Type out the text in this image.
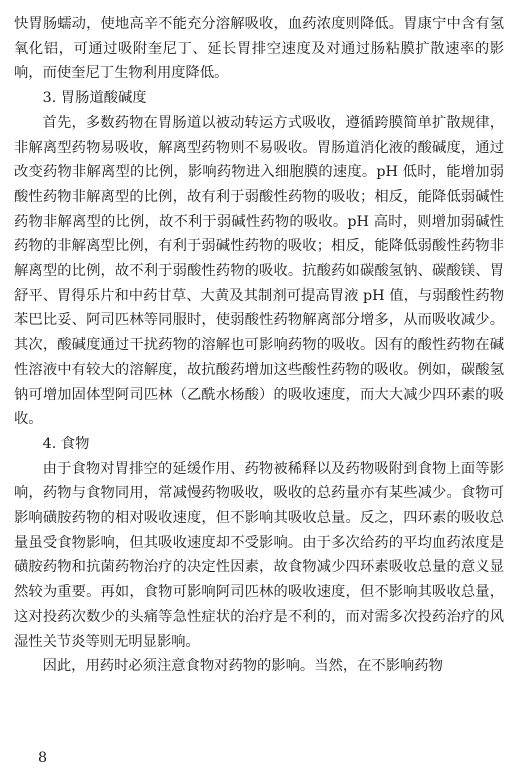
快胃肠蠕动，使地高辛不能充分溶解吸收，血药浓度则降低。胃康宁中含有氢氧化铝，可通过吸附奎尼丁、延长胃排空速度及对通过肠粘膜扩散速率的影响，而使奎尼丁生物利用度降低。

3. 胃肠道酸碱度

首先，多数药物在胃肠道以被动转运方式吸收，遵循跨膜简单扩散规律，非解离型药物易吸收，解离型药物则不易吸收。胃肠道消化液的酸碱度，通过改变药物非解离型的比例，影响药物进入细胞膜的速度。pH 低时，能增加弱酸性药物非解离型的比例，故有利于弱酸性药物的吸收；相反，能降低弱碱性药物非解离型的比例，故不利于弱碱性药物的吸收。pH 高时，则增加弱碱性药物的非解离型比例，有利于弱碱性药物的吸收；相反，能降低弱酸性药物非解离型的比例，故不利于弱酸性药物的吸收。抗酸药如碳酸氢钠、碳酸镁、胃舒平、胃得乐片和中药甘草、大黄及其制剂可提高胃液 pH 值，与弱酸性药物苯巴比妥、阿司匹林等同服时，使弱酸性药物解离部分增多，从而吸收减少。其次，酸碱度通过干扰药物的溶解也可影响药物的吸收。因有的酸性药物在碱性溶液中有较大的溶解度，故抗酸药增加这些酸性药物的吸收。例如，碳酸氢钠可增加固体型阿司匹林（乙酰水杨酸）的吸收速度，而大大减少四环素的吸收。

4. 食物

由于食物对胃排空的延缓作用、药物被稀释以及药物吸附到食物上面等影响，药物与食物同用，常减慢药物吸收，吸收的总药量亦有某些减少。食物可影响磺胺药物的相对吸收速度，但不影响其吸收总量。反之，四环素的吸收总量虽受食物影响，但其吸收速度却不受影响。由于多次给药的平均血药浓度是磺胺药物和抗菌药物治疗的决定性因素，故食物减少四环素吸收总量的意义显然较为重要。再如，食物可影响阿司匹林的吸收速度，但不影响其吸收总量，这对投药次数少的头痛等急性症状的治疗是不利的，而对需多次投药治疗的风湿性关节炎等则无明显影响。

因此，用药时必须注意食物对药物的影响。当然，在不影响药物

8
